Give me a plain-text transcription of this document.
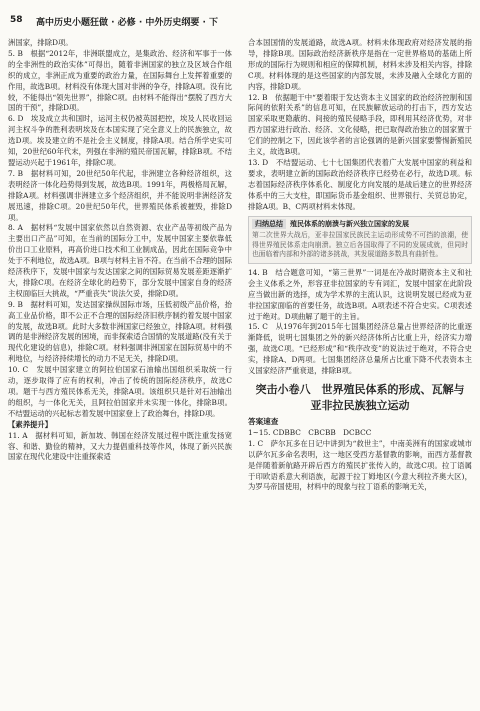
58 高中历史小题狂做 · 必修 · 中外历史纲要 · 下

洲国家，排除D项。

5. B　根据“2012年，非洲联盟成立，是集政治、经济和军事于一体的全非洲性的政治实体”可得出，随着非洲国家的独立及区域合作组织的成立，非洲正成为重要的政治力量，在国际舞台上发挥着重要的作用，故选B项。材料没有体现大国对非洲的争夺，排除A项。没有比较，不能得出“领先世界”，排除C项。由材料不能得出“摆脱了西方大国的干预”，排除D项。

6. D　埃及成立共和国时，运河主权仍被英国把控，埃及人民收回运河主权斗争的胜利表明埃及在本国实现了完全意义上的民族独立，故选D项。埃及建立的不是社会主义制度，排除A项。结合所学史实可知，20世纪60年代末，列强在非洲的殖民帝国瓦解，排除B项。不结盟运动兴起于1961年，排除C项。

7. B　据材料可知，20世纪50年代起，非洲建立各种经济组织，这表明经济一体化趋势得到发展，故选B项。1991年，两极格局瓦解，排除A项。材料强调非洲建立多个经济组织，并不能说明非洲经济发展迅速，排除C项。20世纪50年代，世界殖民体系被摧毁，排除D项。

8. A　据材料“发展中国家依然以自然资源、农业产品等初级产品为主要出口产品”可知，在当前的国际分工中，发展中国家主要依靠低价出口工业原料，再高价进口技术和工业制成品，因此在国际竞争中处于不利地位，故选A项。B项与材料主旨不符。在当前不合理的国际经济秩序下，发展中国家与发达国家之间的国际贸易发展差距逐渐扩大，排除C项。在经济全球化的趋势下，部分发展中国家自身的经济主权面临巨大挑战，“严重丧失”说法欠妥，排除D项。

9. B　据材料可知，发达国家操纵国际市场，压低初级产品价格，抬高工业品价格，即不公正不合理的国际经济旧秩序制约着发展中国家的发展，故选B项。此时大多数非洲国家已经独立，排除A项。材料强调的是非洲经济发展的困境，而非探索适合国情的发展道路(没有关于现代化建设的信息)，排除C项。材料强调非洲国家在国际贸易中的不利地位，与经济持续增长的动力不足无关，排除D项。

10. C　发展中国家建立的阿拉伯国家石油输出国组织采取统一行动，逐步取得了应有的权利，冲击了传统的国际经济秩序，故选C项。题干与西方殖民体系无关，排除A项。该组织只是针对石油输出的组织，与一体化无关，且阿拉伯国家并未实现一体化，排除B项。不结盟运动的兴起标志着发展中国家登上了政治舞台，排除D项。

【素养提升】

11. A　据材料可知，新加坡、韩国在经济发展过程中既注重发扬宽容、和谐、勤俭的精神，又大力提倡重科技等作风，体现了新兴民族国家在现代化建设中注重探索适

合本国国情的发展道路，故选A项。材料未体现政府对经济发展的指导，排除B项。国际政治经济新秩序是指在一定世界格局的基础上所形成的国际行为规则和相应的保障机制，材料未涉及相关内容，排除C项。材料体现的是这些国家的内部发展，未涉及融入全球化方面的内容，排除D项。

12. B　依据题干中“要着眼于发达资本主义国家的政治经济控制和国际间的依附关系”的信息可知，在民族解放运动的打击下，西方发达国家采取更隐蔽的、间接的殖民侵略手段，即利用其经济优势，对非西方国家进行政治、经济、文化侵略，把已取得政治独立的国家置于它们的控制之下，因此该学者的言论强调的是新兴国家要警惕新殖民主义，故选B项。

13. D　不结盟运动、七十七国集团代表着广大发展中国家的利益和要求，表明建立新的国际政治经济秩序已经势在必行，故选D项。标志着国际经济秩序体系化、制度化方向发展的是战后建立的世界经济体系中的三大支柱，即国际货币基金组织、世界银行、关贸总协定，排除A项。B、C两项材料未体现。

归纳总结 殖民体系的崩溃与新兴独立国家的发展
第二次世界大战后，亚非拉国家民族民主运动形成势不可挡的浪潮，使得世界殖民体系走向崩溃。独立后各国取得了不同的发展成就，但同时也面临着内部和外部的诸多挑战，其发展道路多数具有曲折性。

14. B　结合题意可知，“第三世界”一词是在冷战时期资本主义和社会主义体系之外，形容亚非拉国家的专有词汇，发展中国家在此阶段应当做出新的选择，成为学术界的主流认识，这说明发展已经成为亚非拉国家面临的首要任务，故选B项。A项表述不符合史实。C项表述过于绝对。D项曲解了题干的主旨。

15. C　从1976年到2015年七国集团经济总量占世界经济的比重逐渐降低，说明七国集团之外的新兴经济体所占比重上升，经济实力增强，故选C项。“已经形成”和“秩序改变”的说法过于绝对，不符合史实，排除A、D两项。七国集团经济总量所占比重下降不代表资本主义国家经济严重衰退，排除B项。

突击小卷八　世界殖民体系的形成、瓦解与
亚非拉民族独立运动
答案速查

1~15. CDBBC　CBCBB　DCBCC

1. C　萨尔瓦多在日记中讲到为“救世主”，中南美洲有的国家或城市以萨尔瓦多命名表明，这一地区受西方基督教的影响，而西方基督教是伴随着新航路开辟后西方的殖民扩张传入的，故选C项。拉丁语属于印欧语系意大利语族，起源于拉丁姆地区(今意大利拉齐奥大区)，为罗马帝国使用，材料中的现象与拉丁语系的影响无关，
